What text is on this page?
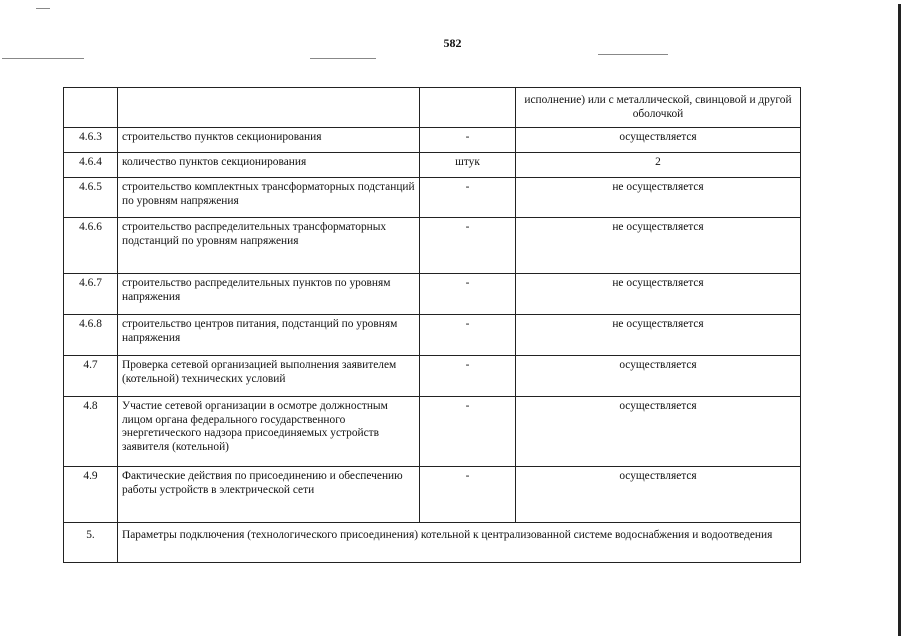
582
			исполнение) или с металлической, свинцовой и другой оболочкой
4.6.3	строительство пунктов секционирования	-	осуществляется
4.6.4	количество пунктов секционирования	штук	2
4.6.5	строительство комплектных трансформаторных подстанций по уровням напряжения	-	не осуществляется
4.6.6	строительство распределительных трансформаторных подстанций по уровням напряжения	-	не осуществляется
4.6.7	строительство распределительных пунктов по уровням напряжения	-	не осуществляется
4.6.8	строительство центров питания, подстанций по уровням напряжения	-	не осуществляется
4.7	Проверка сетевой организацией выполнения заявителем (котельной) технических условий	-	осуществляется
4.8	Участие сетевой организации в осмотре должностным лицом органа федерального государственного энергетического надзора присоединяемых устройств заявителя (котельной)	-	осуществляется
4.9	Фактические действия по присоединению и обеспечению работы устройств в электрической сети	-	осуществляется
5.	Параметры подключения (технологического присоединения) котельной к централизованной системе водоснабжения и водоотведения		
